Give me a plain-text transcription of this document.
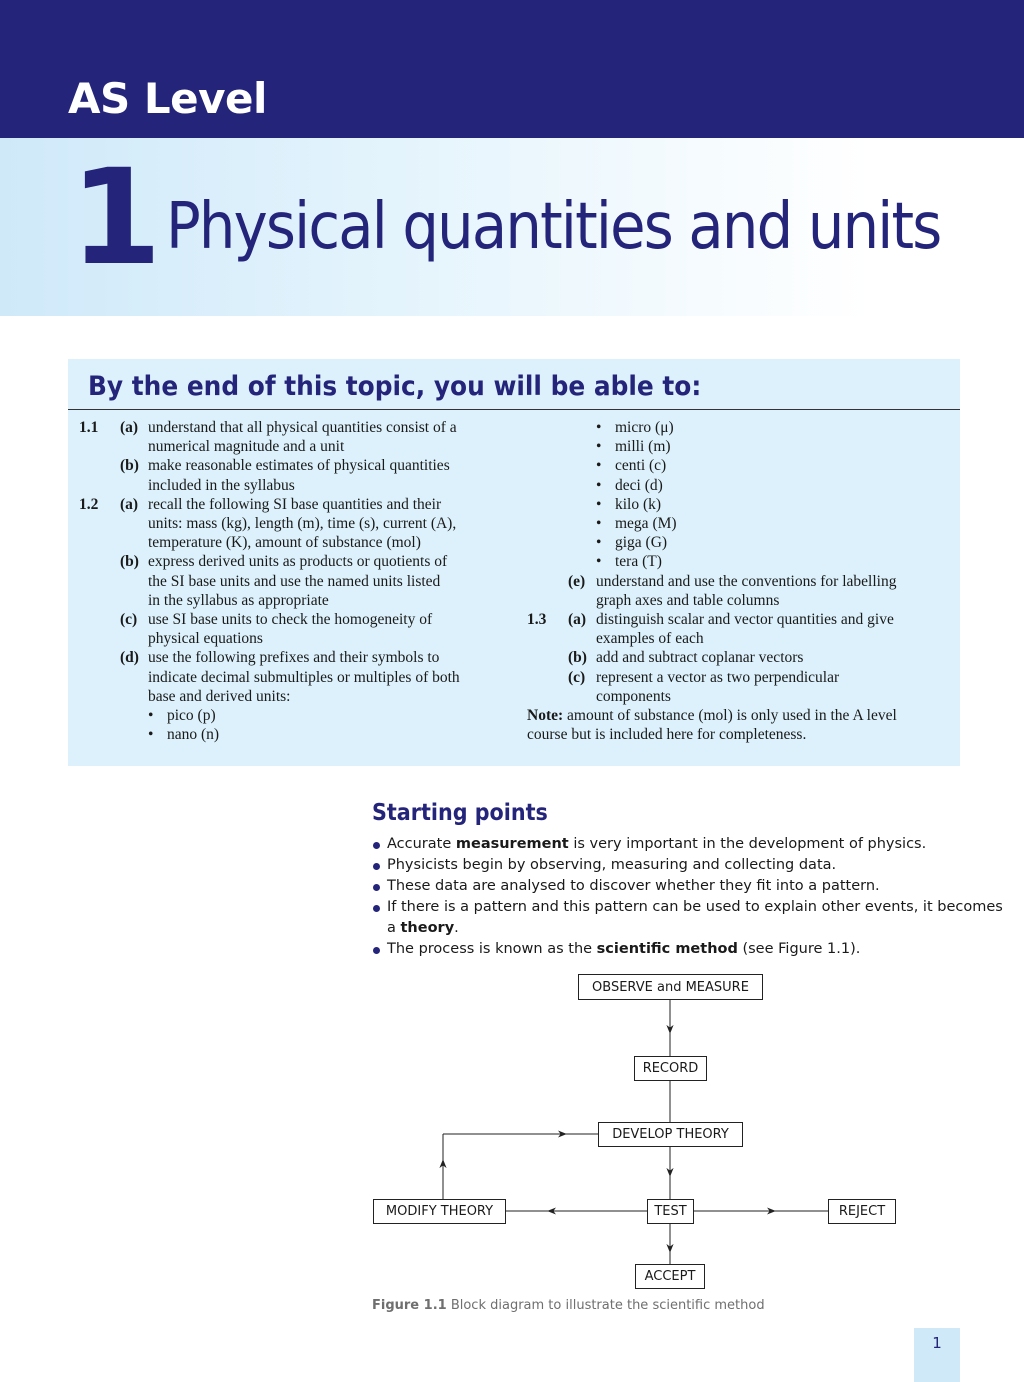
AS Level
1 Physical quantities and units
By the end of this topic, you will be able to:
1.1 (a) understand that all physical quantities consist of a
numerical magnitude and a unit
(b) make reasonable estimates of physical quantities
included in the syllabus
1.2 (a) recall the following SI base quantities and their
units: mass (kg), length (m), time (s), current (A),
temperature (K), amount of substance (mol)
(b) express derived units as products or quotients of
the SI base units and use the named units listed
in the syllabus as appropriate
(c) use SI base units to check the homogeneity of
physical equations
(d) use the following prefixes and their symbols to
indicate decimal submultiples or multiples of both
base and derived units:
• pico (p)
• nano (n)
• micro (μ)
• milli (m)
• centi (c)
• deci (d)
• kilo (k)
• mega (M)
• giga (G)
• tera (T)
(e) understand and use the conventions for labelling
graph axes and table columns
1.3 (a) distinguish scalar and vector quantities and give
examples of each
(b) add and subtract coplanar vectors
(c) represent a vector as two perpendicular
components
Note: amount of substance (mol) is only used in the A level
course but is included here for completeness.
Starting points
Accurate measurement is very important in the development of physics.
Physicists begin by observing, measuring and collecting data.
These data are analysed to discover whether they fit into a pattern.
If there is a pattern and this pattern can be used to explain other events, it becomes
The process is known as the scientific method (see Figure 1.1).
a theory.
OBSERVE and MEASURE
RECORD
DEVELOP THEORY
MODIFY THEORY	TEST	REJECT
ACCEPT
Figure 1.1 Block diagram to illustrate the scientific method
1
